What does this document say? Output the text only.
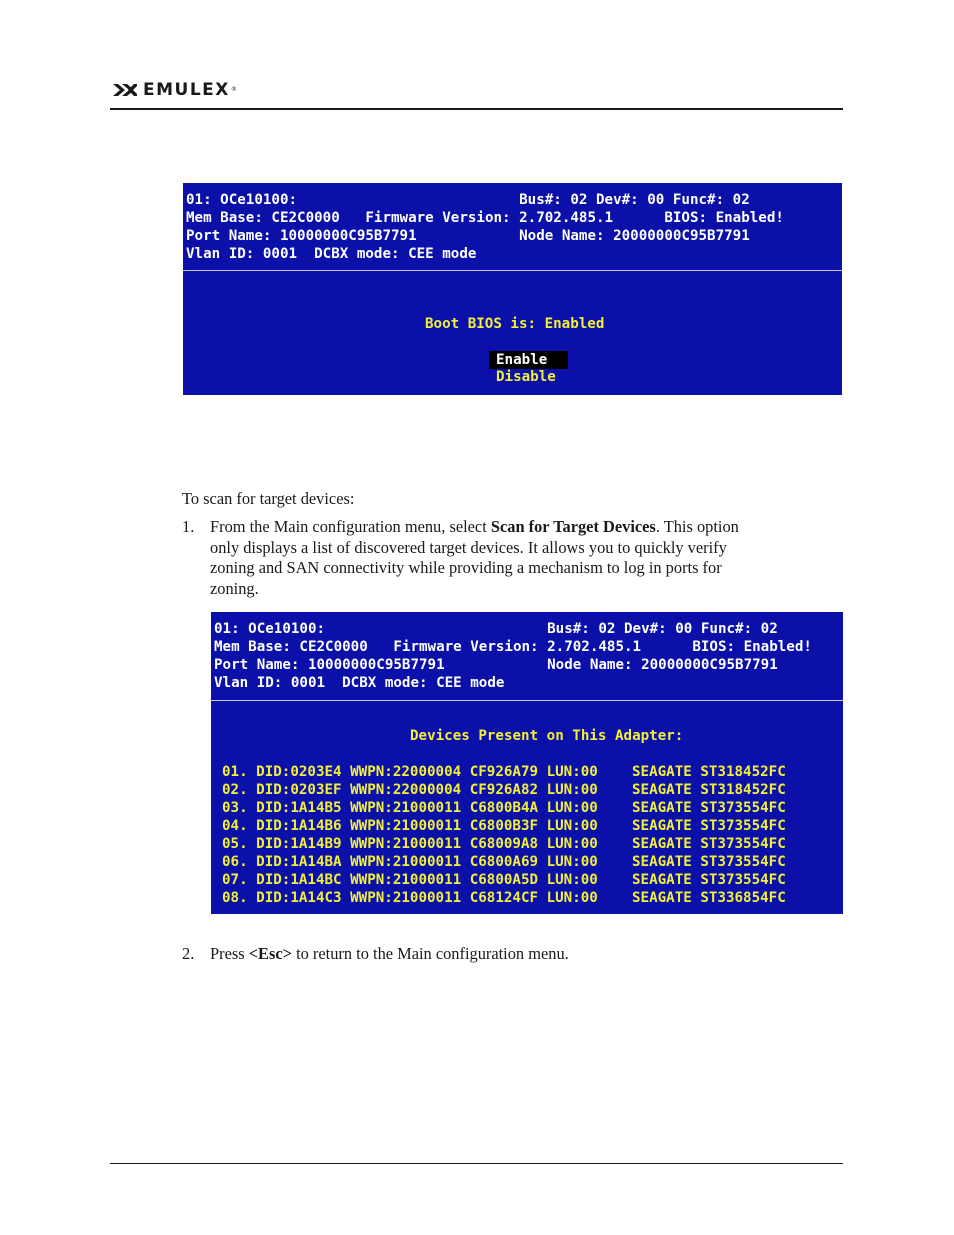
EMULEX ®
01: OCe10100:                          Bus#: 02 Dev#: 00 Func#: 02
Mem Base: CE2C0000   Firmware Version: 2.702.485.1      BIOS: Enabled!
Port Name: 10000000C95B7791            Node Name: 20000000C95B7791
Vlan ID: 0001  DCBX mode: CEE mode
Boot BIOS is: Enabled
Enable
Disable
To scan for target devices:
1. From the Main configuration menu, select Scan for Target Devices. This option
only displays a list of discovered target devices. It allows you to quickly verify
zoning and SAN connectivity while providing a mechanism to log in ports for
zoning.
01: OCe10100:                          Bus#: 02 Dev#: 00 Func#: 02
Mem Base: CE2C0000   Firmware Version: 2.702.485.1      BIOS: Enabled!
Port Name: 10000000C95B7791            Node Name: 20000000C95B7791
Vlan ID: 0001  DCBX mode: CEE mode
Devices Present on This Adapter:
01. DID:0203E4 WWPN:22000004 CF926A79 LUN:00    SEAGATE ST318452FC
02. DID:0203EF WWPN:22000004 CF926A82 LUN:00    SEAGATE ST318452FC
03. DID:1A14B5 WWPN:21000011 C6800B4A LUN:00    SEAGATE ST373554FC
04. DID:1A14B6 WWPN:21000011 C6800B3F LUN:00    SEAGATE ST373554FC
05. DID:1A14B9 WWPN:21000011 C68009A8 LUN:00    SEAGATE ST373554FC
06. DID:1A14BA WWPN:21000011 C6800A69 LUN:00    SEAGATE ST373554FC
07. DID:1A14BC WWPN:21000011 C6800A5D LUN:00    SEAGATE ST373554FC
08. DID:1A14C3 WWPN:21000011 C68124CF LUN:00    SEAGATE ST336854FC
2. Press <Esc> to return to the Main configuration menu.
